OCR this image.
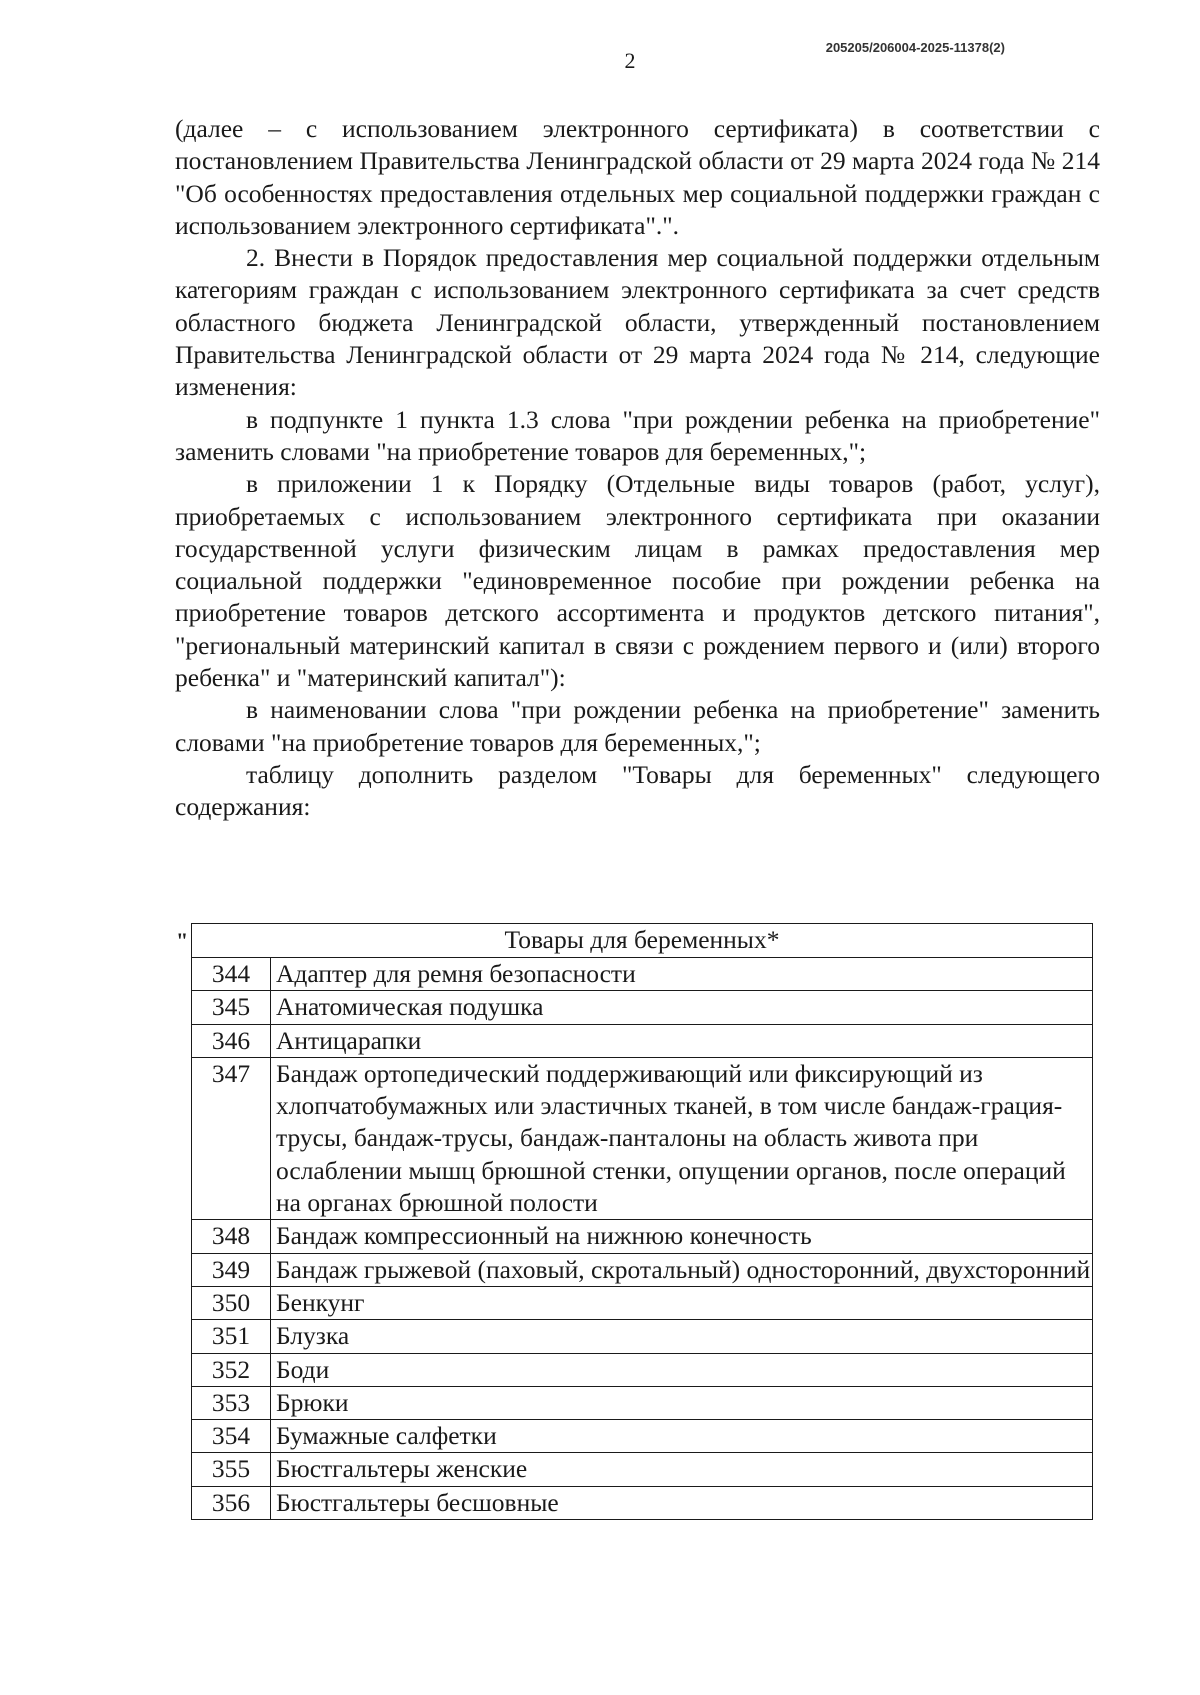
205205/206004-2025-11378(2)
2

(далее – с использованием электронного сертификата) в соответствии с постановлением Правительства Ленинградской области от 29 марта 2024 года № 214 "Об особенностях предоставления отдельных мер социальной поддержки граждан с использованием электронного сертификата".".

2. Внести в Порядок предоставления мер социальной поддержки отдельным категориям граждан с использованием электронного сертификата за счет средств областного бюджета Ленинградской области, утвержденный постановлением Правительства Ленинградской области от 29 марта 2024 года № 214, следующие изменения:

в подпункте 1 пункта 1.3 слова "при рождении ребенка на приобретение" заменить словами "на приобретение товаров для беременных,";

в приложении 1 к Порядку (Отдельные виды товаров (работ, услуг), приобретаемых с использованием электронного сертификата при оказании государственной услуги физическим лицам в рамках предоставления мер социальной поддержки "единовременное пособие при рождении ребенка на приобретение товаров детского ассортимента и продуктов детского питания", "региональный материнский капитал в связи с рождением первого и (или) второго ребенка" и "материнский капитал"):

в наименовании слова "при рождении ребенка на приобретение" заменить словами "на приобретение товаров для беременных,";

таблицу дополнить разделом "Товары для беременных" следующего содержания:

"	Товары для беременных*	
344	Адаптер для ремня безопасности
345	Анатомическая подушка
346	Антицарапки
347	Бандаж ортопедический поддерживающий или фиксирующий из хлопчатобумажных или эластичных тканей, в том числе бандаж-грация-трусы, бандаж-трусы, бандаж-панталоны на область живота при ослаблении мышц брюшной стенки, опущении органов, после операций на органах брюшной полости
348	Бандаж компрессионный на нижнюю конечность
349	Бандаж грыжевой (паховый, скротальный) односторонний, двухсторонний
350	Бенкунг
351	Блузка
352	Боди
353	Брюки
354	Бумажные салфетки
355	Бюстгальтеры женские
356	Бюстгальтеры бесшовные
